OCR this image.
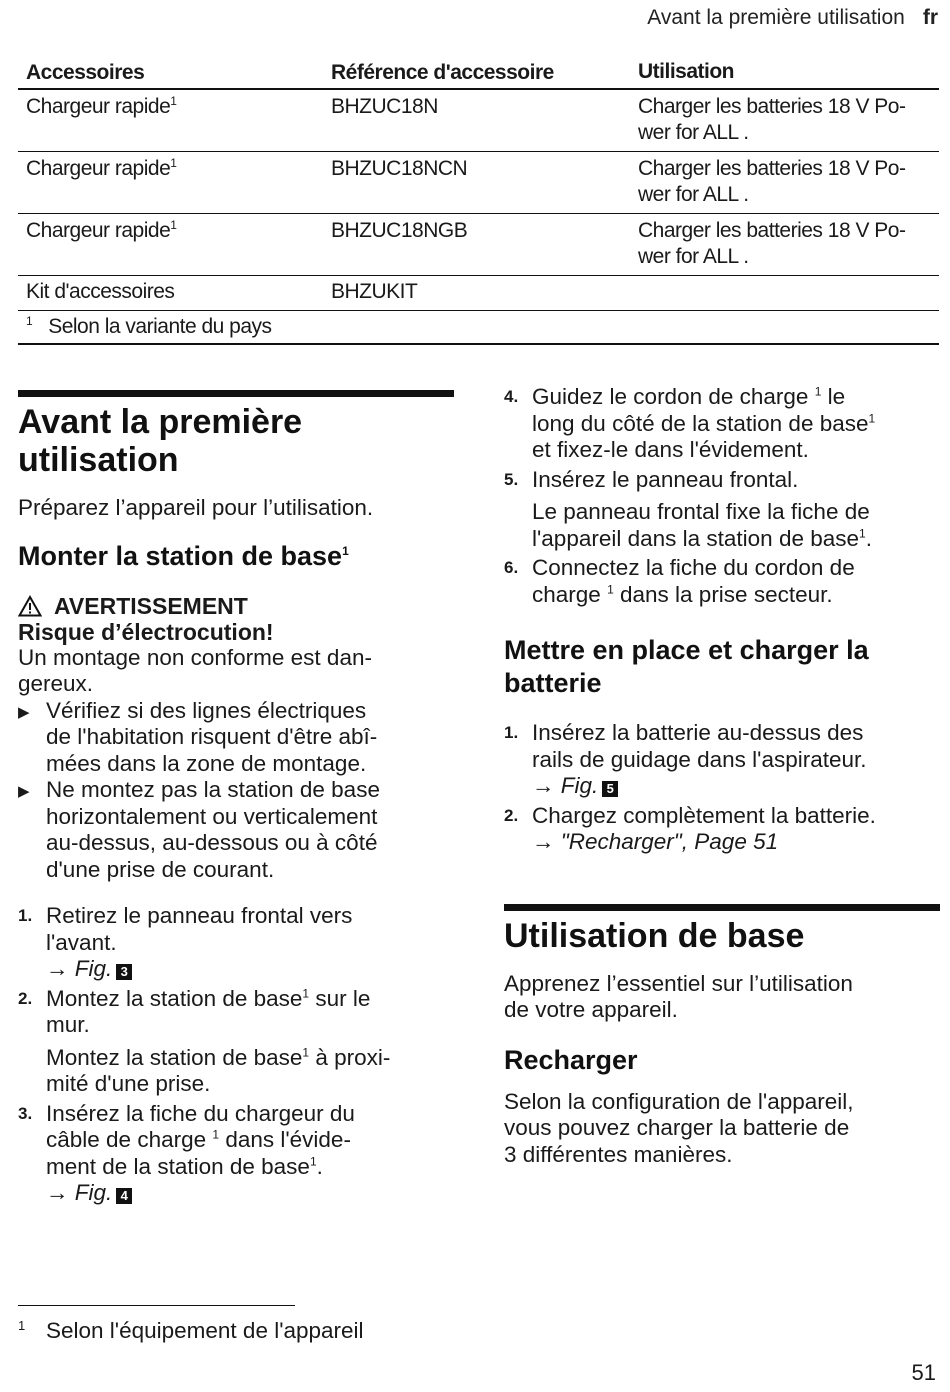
Avant la première utilisation fr
Accessoires	Référence d'accessoire	Utilisation
Chargeur rapide$^1$	BHZUC18N	Charger les batteries 18 V Po-
wer for ALL .
Chargeur rapide$^1$	BHZUC18NCN	Charger les batteries 18 V Po-
wer for ALL .
Chargeur rapide$^1$	BHZUC18NGB	Charger les batteries 18 V Po-
wer for ALL .
Kit d'accessoires	BHZUKIT
$^1$ Selon la variante du pays
Avant la première
utilisation

Préparez l’appareil pour l’utilisation.

Monter la station de base$^1$
AVERTISSEMENT
Risque d’électrocution!
Un montage non conforme est dan-
gereux.
▶ Vérifiez si des lignes électriques
de l'habitation risquent d'être abî-
mées dans la zone de montage.
▶ Ne montez pas la station de base
horizontalement ou verticalement
au-dessus, au-dessous ou à côté
d'une prise de courant.
1. Retirez le panneau frontal vers
l'avant.
→ Fig. 3
2. Montez la station de base$^1$ sur le
mur.
Montez la station de base$^1$ à proxi-
mité d'une prise.
3. Insérez la fiche du chargeur du
câble de charge $^1$ dans l'évide-
ment de la station de base$^1$.
→ Fig. 4
4. Guidez le cordon de charge $^1$ le
long du côté de la station de base$^1$
et fixez-le dans l'évidement.
5. Insérez le panneau frontal.
Le panneau frontal fixe la fiche de
l'appareil dans la station de base$^1$.
6. Connectez la fiche du cordon de
charge $^1$ dans la prise secteur.
Mettre en place et charger la
batterie
1. Insérez la batterie au-dessus des
rails de guidage dans l'aspirateur.
→ Fig. 5
2. Chargez complètement la batterie.
→ "Recharger", Page 51
Utilisation de base
Apprenez l’essentiel sur l’utilisation
de votre appareil.
Recharger
Selon la configuration de l'appareil,
vous pouvez charger la batterie de
3 différentes manières.
1 Selon l'équipement de l'appareil
51
